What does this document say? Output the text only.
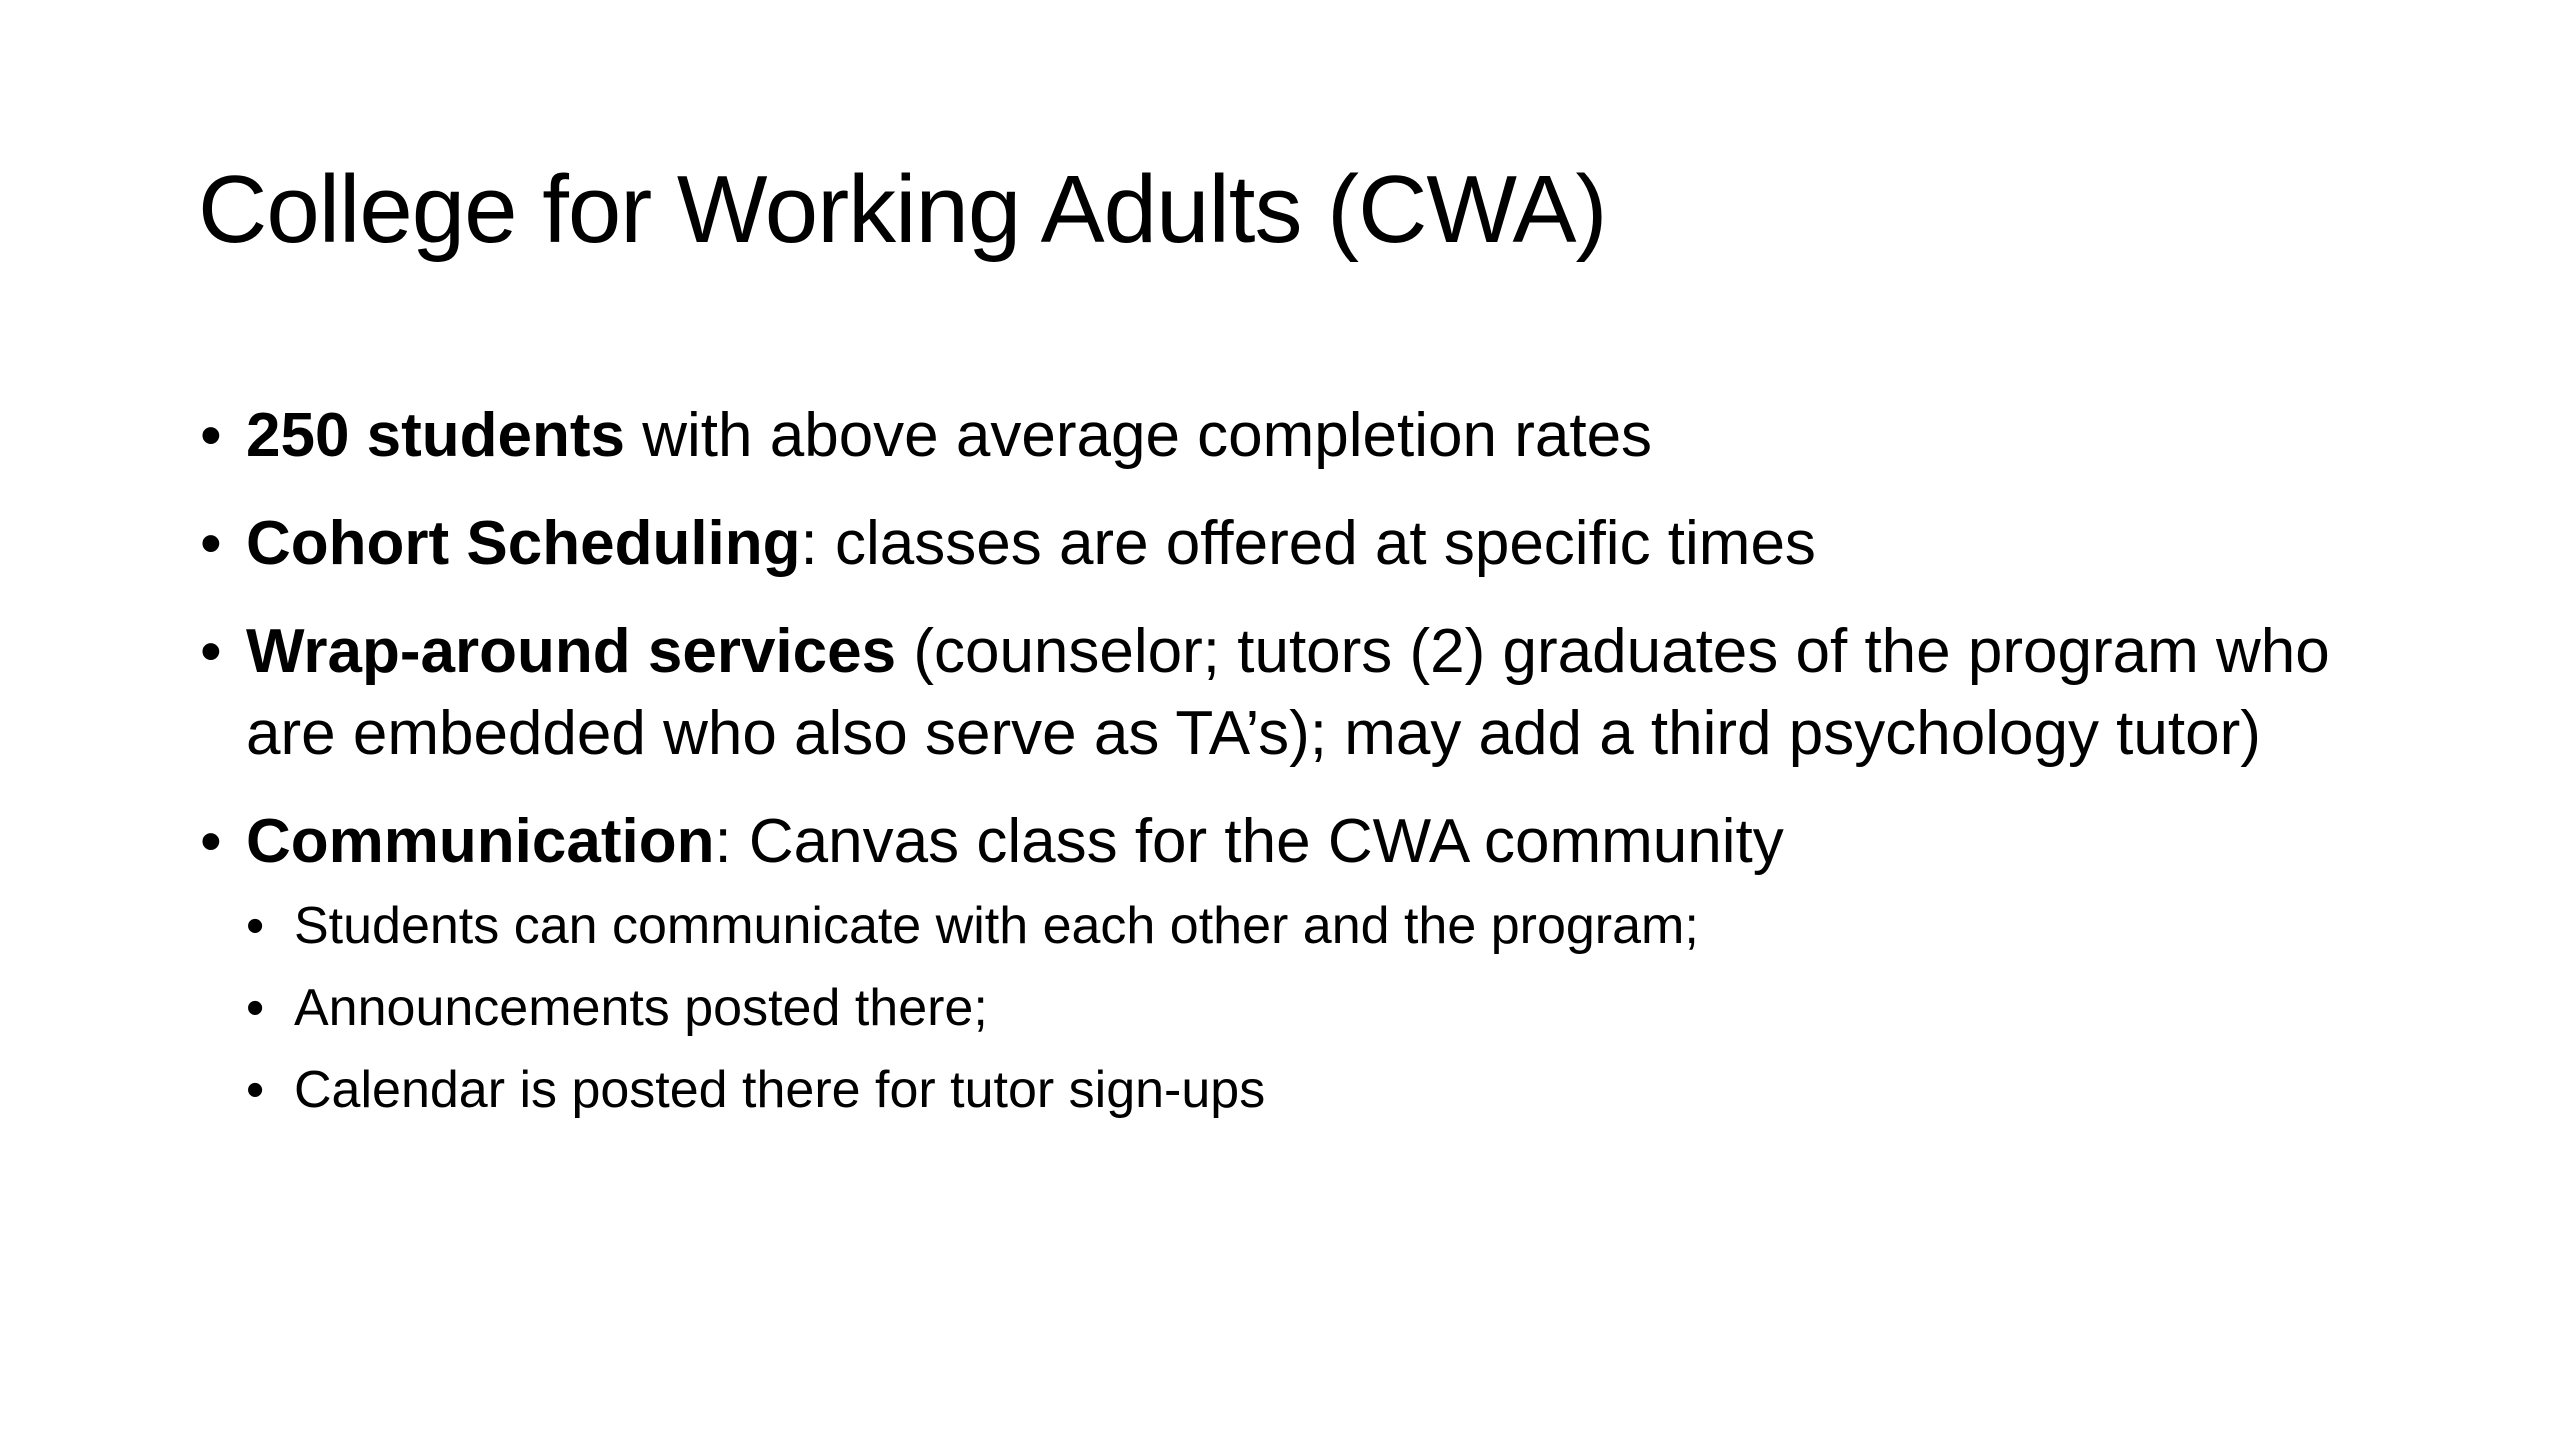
College for Working Adults (CWA)
• 250 students with above average completion rates
• Cohort Scheduling: classes are offered at specific times
• Wrap-around services (counselor; tutors (2) graduates of the program who are embedded who also serve as TA’s); may add a third psychology tutor)
• Communication: Canvas class for the CWA community
• Students can communicate with each other and the program;
• Announcements posted there;
• Calendar is posted there for tutor sign-ups
